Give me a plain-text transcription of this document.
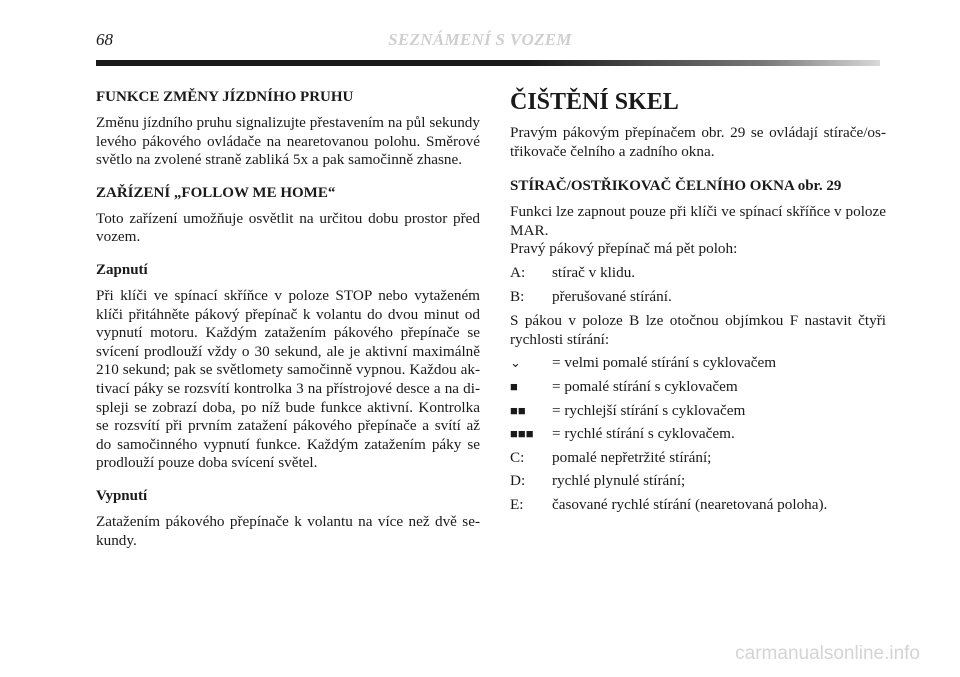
68	SEZNÁMENÍ S VOZEM
FUNKCE ZMĚNY JÍZDNÍHO PRUHU

Změnu jízdního pruhu signalizujte přestavením na půl sekundy levého pákového ovládače na nearetovanou polohu. Směrové světlo na zvolené straně zabliká 5x a pak samočinně zhasne.

ZAŘÍZENÍ „FOLLOW ME HOME“

Toto zařízení umožňuje osvětlit na určitou dobu prostor před vozem.

Zapnutí

Při klíči ve spínací skříňce v poloze STOP nebo vytaženém klíči přitáhněte pákový přepínač k volantu do dvou minut od vypnutí motoru. Každým zatažením pákového přepínače se svícení prodlouží vždy o 30 sekund, ale je aktivní maximálně 210 sekund; pak se světlomety samočinně vypnou. Každou aktivací páky se rozsvítí kontrolka 3 na přístrojové desce a na displeji se zobrazí doba, po níž bude funkce aktivní. Kontrolka se rozsvítí při prvním zatažení pákového přepínače a svítí až do samočinného vypnutí funkce. Každým zatažením páky se prodlouží pouze doba svícení světel.

Vypnutí

Zatažením pákového přepínače k volantu na více než dvě sekundy.

ČIŠTĚNÍ SKEL

Pravým pákovým přepínačem obr. 29 se ovládají stírače/ostřikovače čelního a zadního okna.

STÍRAČ/OSTŘIKOVAČ ČELNÍHO OKNA obr. 29

Funkci lze zapnout pouze při klíči ve spínací skříňce v poloze MAR.

Pravý pákový přepínač má pět poloh:

A:	stírač v klidu.
B:	přerušované stírání.

S pákou v poloze B lze otočnou objímkou F nastavit čtyři rychlosti stírání:

⌄	= velmi pomalé stírání s cyklovačem
■	= pomalé stírání s cyklovačem
■■	= rychlejší stírání s cyklovačem
■■■	= rychlé stírání s cyklovačem.
C:	pomalé nepřetržité stírání;
D:	rychlé plynulé stírání;
E:	časované rychlé stírání (nearetovaná poloha).
carmanualsonline.info
